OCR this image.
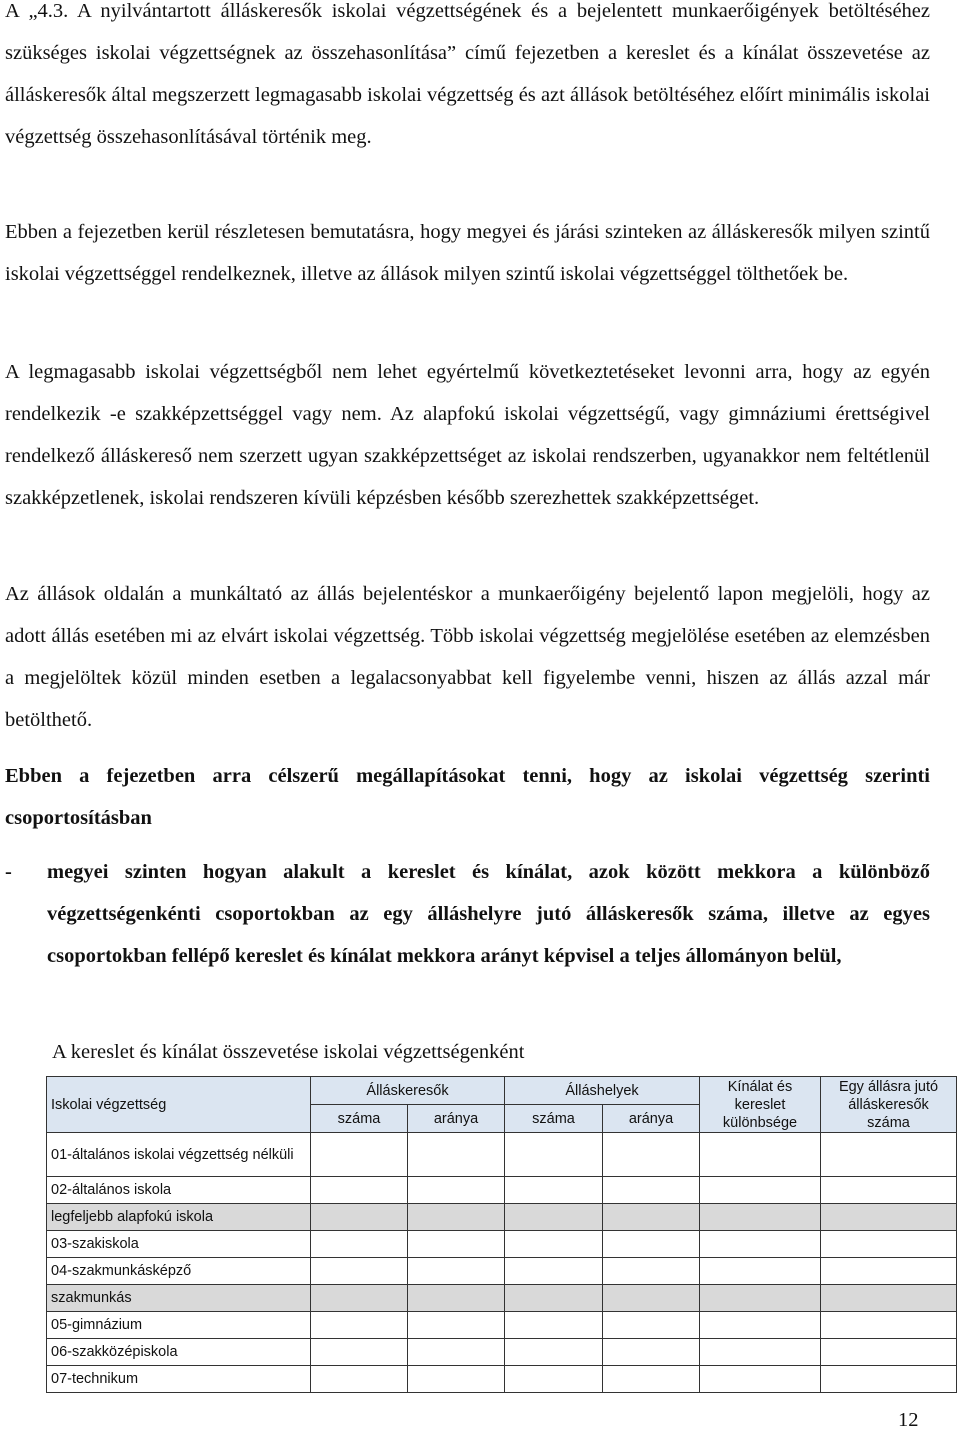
A „4.3. A nyilvántartott álláskeresők iskolai végzettségének és a bejelentett munkaerőigények betöltéséhez szükséges iskolai végzettségnek az összehasonlítása” című fejezetben a kereslet és a kínálat összevetése az álláskeresők által megszerzett legmagasabb iskolai végzettség és azt állások betöltéséhez előírt minimális iskolai végzettség összehasonlításával történik meg.

Ebben a fejezetben kerül részletesen bemutatásra, hogy megyei és járási szinteken az álláskeresők milyen szintű iskolai végzettséggel rendelkeznek, illetve az állások milyen szintű iskolai végzettséggel tölthetőek be.

A legmagasabb iskolai végzettségből nem lehet egyértelmű következtetéseket levonni arra, hogy az egyén rendelkezik -e szakképzettséggel vagy nem. Az alapfokú iskolai végzettségű, vagy gimnáziumi érettségivel rendelkező álláskereső nem szerzett ugyan szakképzettséget az iskolai rendszerben, ugyanakkor nem feltétlenül szakképzetlenek, iskolai rendszeren kívüli képzésben később szerezhettek szakképzettséget.

Az állások oldalán a munkáltató az állás bejelentéskor a munkaerőigény bejelentő lapon megjelöli, hogy az adott állás esetében mi az elvárt iskolai végzettség. Több iskolai végzettség megjelölése esetében az elemzésben a megjelöltek közül minden esetben a legalacsonyabbat kell figyelembe venni, hiszen az állás azzal már betölthető.

Ebben a fejezetben arra célszerű megállapításokat tenni, hogy az iskolai végzettség szerinti csoportosításban

- megyei szinten hogyan alakult a kereslet és kínálat, azok között mekkora a különböző végzettségenkénti csoportokban az egy álláshelyre jutó álláskeresők száma, illetve az egyes csoportokban fellépő kereslet és kínálat mekkora arányt képvisel a teljes állományon belül,

A kereslet és kínálat összevetése iskolai végzettségenként
Iskolai végzettség	Álláskeresők		Álláshelyek		Kínálat és kereslet különbsége	Egy állásra jutó álláskeresők száma
	száma	aránya	száma	aránya		
01-általános iskolai végzettség nélküli						
02-általános iskola						
legfeljebb alapfokú iskola						
03-szakiskola						
04-szakmunkásképző						
szakmunkás						
05-gimnázium						
06-szakközépiskola						
07-technikum						
12
